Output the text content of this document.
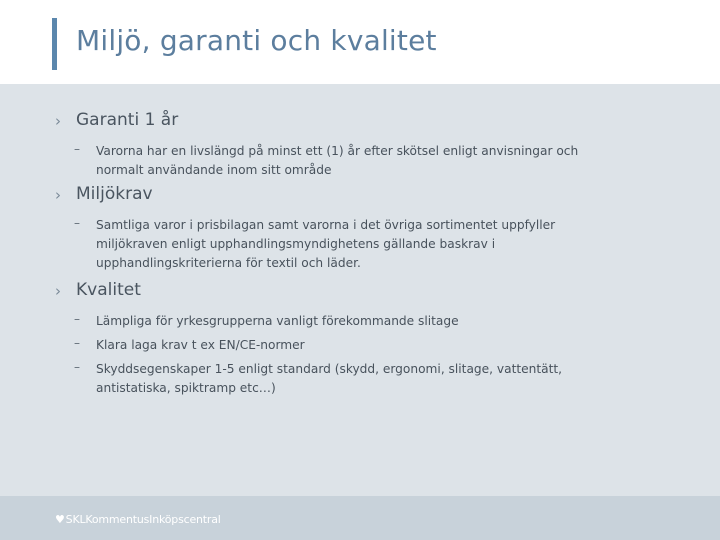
Miljö, garanti och kvalitet
› Garanti 1 år
– Varorna har en livslängd på minst ett (1) år efter skötsel enligt anvisningar och normalt användande inom sitt område
› Miljökrav
– Samtliga varor i prisbilagan samt varorna i det övriga sortimentet uppfyller miljökraven enligt upphandlingsmyndighetens gällande baskrav i upphandlingskriterierna för textil och läder.
› Kvalitet
– Lämpliga för yrkesgrupperna vanligt förekommande slitage
– Klara laga krav t ex EN/CE-normer
– Skyddsegenskaper 1-5 enligt standard (skydd, ergonomi, slitage, vattentätt, antistatiska, spiktramp etc…)
♥SKLKommentusInköpscentral
